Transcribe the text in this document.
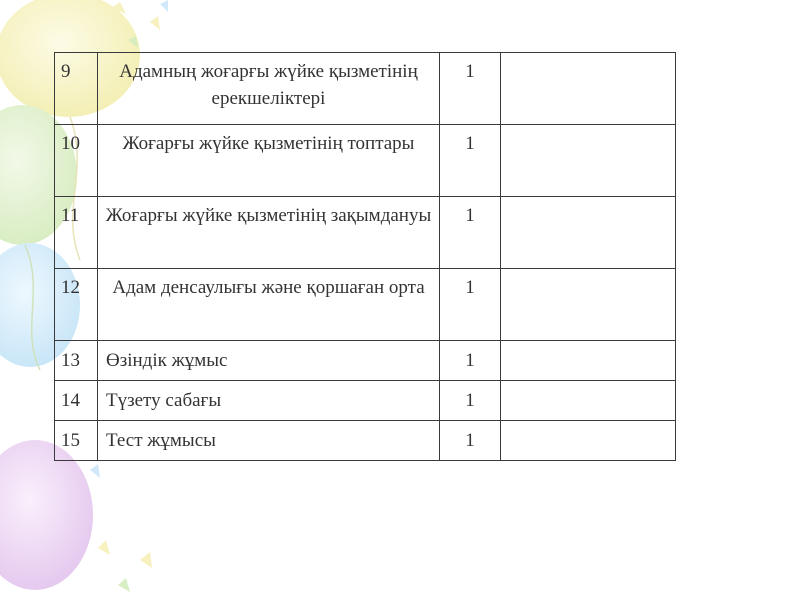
9	Адамның жоғарғы жүйке қызметінің ерекшеліктері	1	
10	Жоғарғы жүйке қызметінің топтары	1	
11	Жоғарғы жүйке қызметінің зақымдануы	1	
12	Адам денсаулығы және қоршаған орта	1	
13	Өзіндік жұмыс	1	
14	Түзету сабағы	1	
15	Тест жұмысы	1	
